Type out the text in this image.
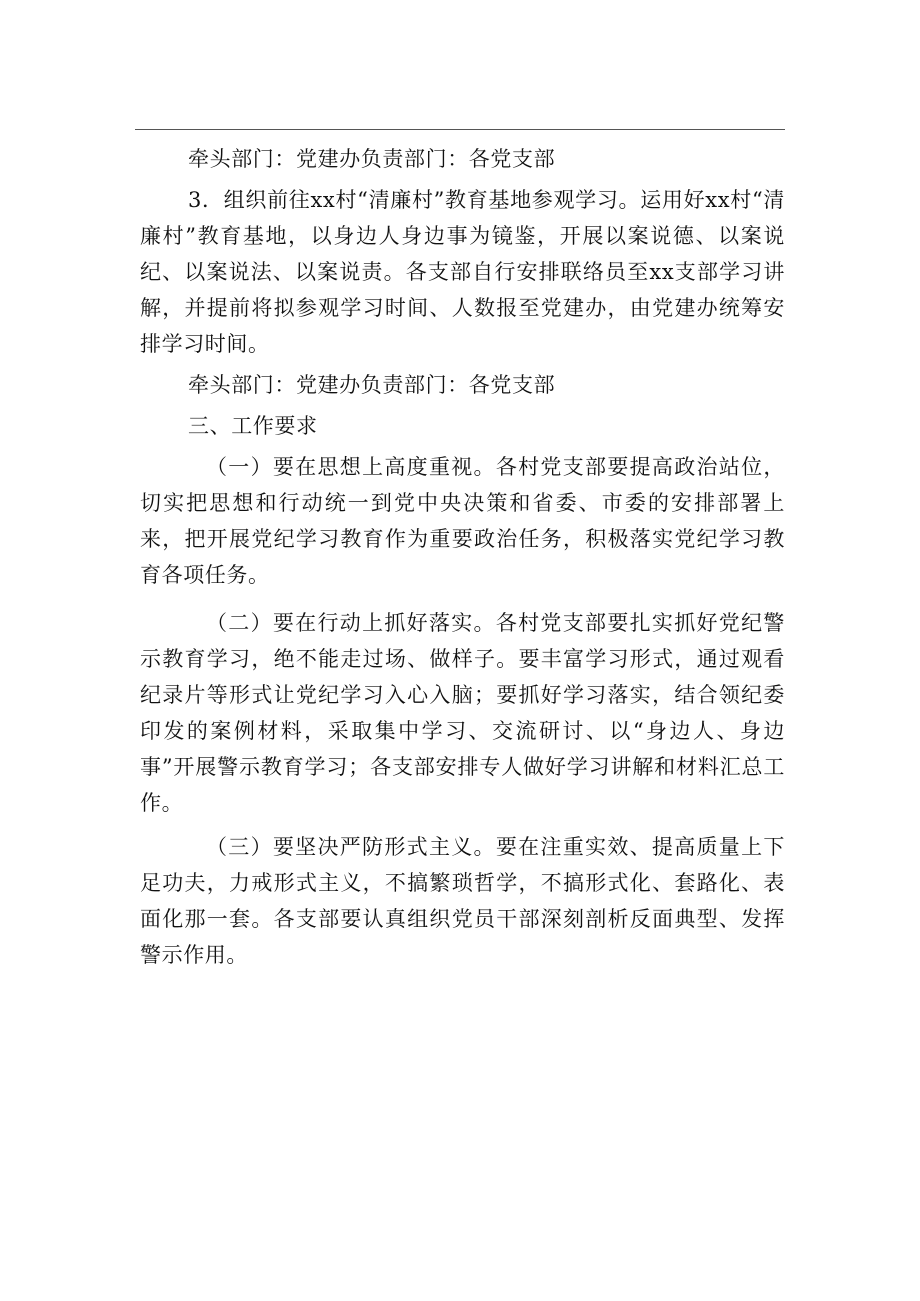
牵头部门：党建办负责部门：各党支部

3．组织前往xx村“清廉村”教育基地参观学习。运用好xx村“清廉村”教育基地，以身边人身边事为镜鉴，开展以案说德、以案说纪、以案说法、以案说责。各支部自行安排联络员至xx支部学习讲解，并提前将拟参观学习时间、人数报至党建办，由党建办统筹安排学习时间。

牵头部门：党建办负责部门：各党支部

三、工作要求

（一）要在思想上高度重视。各村党支部要提高政治站位，切实把思想和行动统一到党中央决策和省委、市委的安排部署上来，把开展党纪学习教育作为重要政治任务，积极落实党纪学习教育各项任务。

（二）要在行动上抓好落实。各村党支部要扎实抓好党纪警示教育学习，绝不能走过场、做样子。要丰富学习形式，通过观看纪录片等形式让党纪学习入心入脑；要抓好学习落实，结合领纪委印发的案例材料，采取集中学习、交流研讨、以“身边人、身边事”开展警示教育学习；各支部安排专人做好学习讲解和材料汇总工作。

（三）要坚决严防形式主义。要在注重实效、提高质量上下足功夫，力戒形式主义，不搞繁琐哲学，不搞形式化、套路化、表面化那一套。各支部要认真组织党员干部深刻剖析反面典型、发挥警示作用。
